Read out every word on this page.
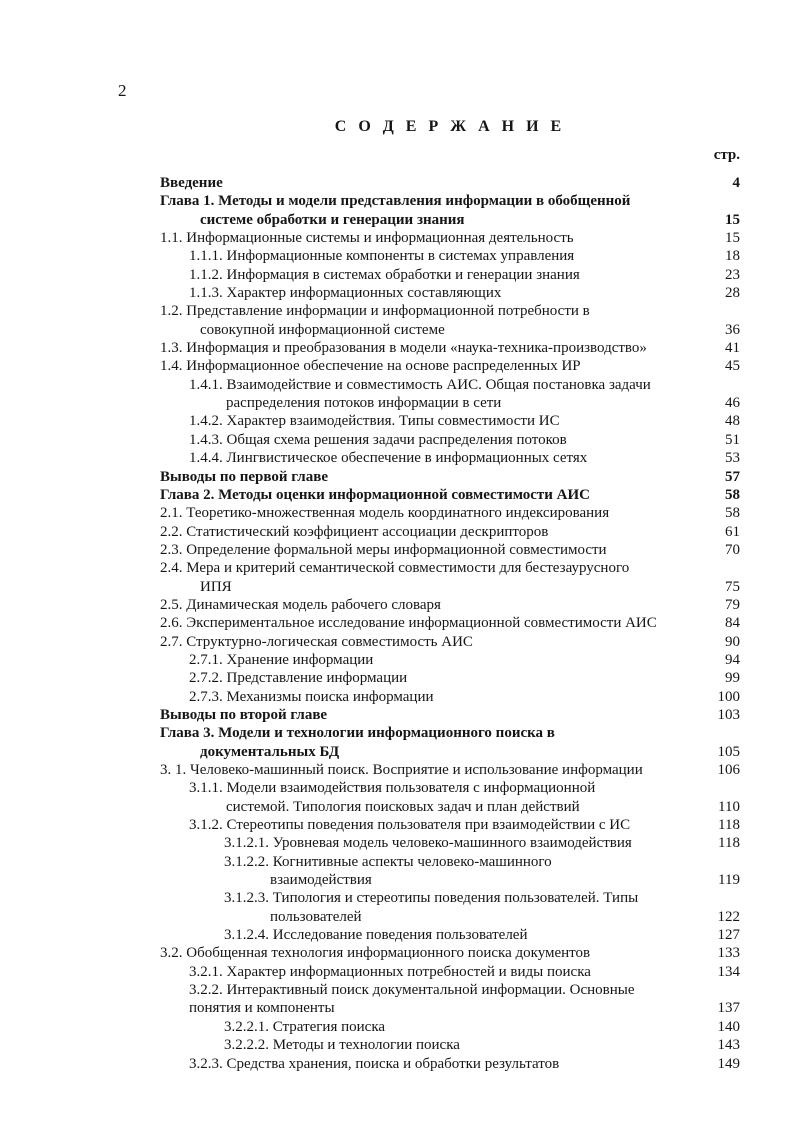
2
С О Д Е Р Ж А Н И Е
стр.
Введение	4
Глава 1. Методы и модели представления информации в обобщенной
системе обработки и генерации знания	15
1.1. Информационные системы и информационная деятельность	15
1.1.1. Информационные компоненты в системах управления	18
1.1.2. Информация в системах обработки и генерации знания	23
1.1.3. Характер информационных составляющих	28
1.2. Представление информации и информационной потребности в
совокупной информационной системе	36
1.3. Информация и преобразования в модели «наука-техника-производство»	41
1.4. Информационное обеспечение на основе распределенных ИР	45
1.4.1. Взаимодействие и совместимость АИС. Общая постановка задачи
распределения потоков информации в сети	46
1.4.2. Характер взаимодействия. Типы совместимости ИС	48
1.4.3. Общая схема решения задачи распределения потоков	51
1.4.4. Лингвистическое обеспечение в информационных сетях	53
Выводы по первой главе	57
Глава 2. Методы оценки информационной совместимости АИС	58
2.1. Теоретико-множественная модель координатного индексирования	58
2.2. Статистический коэффициент ассоциации дескрипторов	61
2.3. Определение формальной меры информационной совместимости	70
2.4. Мера и критерий семантической совместимости для бестезаурусного
ИПЯ	75
2.5. Динамическая модель рабочего словаря	79
2.6. Экспериментальное исследование информационной совместимости АИС	84
2.7. Структурно-логическая совместимость АИС	90
2.7.1. Хранение информации	94
2.7.2. Представление информации	99
2.7.3. Механизмы поиска информации	100
Выводы по второй главе	103
Глава 3. Модели и технологии информационного поиска в
документальных БД	105
3. 1. Человеко-машинный поиск. Восприятие и использование информации	106
3.1.1. Модели взаимодействия пользователя с информационной
системой. Типология поисковых задач и план действий	110
3.1.2. Стереотипы поведения пользователя при взаимодействии с ИС	118
3.1.2.1. Уровневая модель человеко-машинного взаимодействия	118
3.1.2.2. Когнитивные аспекты человеко-машинного
взаимодействия	119
3.1.2.3. Типология и стереотипы поведения пользователей. Типы
пользователей	122
3.1.2.4. Исследование поведения пользователей	127
3.2. Обобщенная технология информационного поиска документов	133
3.2.1. Характер информационных потребностей и виды поиска	134
3.2.2. Интерактивный поиск документальной информации. Основные
понятия и компоненты	137
3.2.2.1. Стратегия поиска	140
3.2.2.2. Методы и технологии поиска	143
3.2.3. Средства хранения, поиска и обработки результатов	149
